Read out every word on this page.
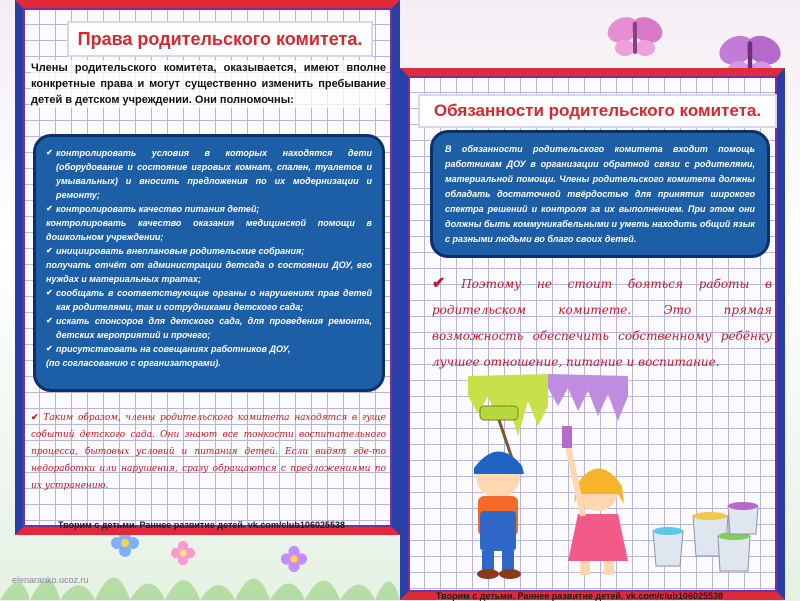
elenaranko.ucoz.ru
Права родительского комитета.
Члены родительского комитета, оказывается, имеют вполне конкретные права и могут существенно изменить пребывание детей в детском учреждении. Они полномочны:
✔ контролировать условия в которых находятся дети (оборудование и состояние игровых комнат, спален, туалетов и умывальных) и вносить предложения по их модернизации и ремонту;
✔ контролировать качество питания детей;
контролировать качество оказания медицинской помощи в дошкольном учреждении;
✔ инициировать внеплановые родительские собрания;
получать отчёт от администрации детсада о состоянии ДОУ, его нуждах и материальных тратах;
✔ сообщать в соответствующие органы о нарушениях прав детей как родителями, так и сотрудниками детского сада;
✔ искать спонсоров для детского сада, для проведения ремонта, детских мероприятий и прочего;
✔ присутствовать на совещаниях работников ДОУ,
(по согласованию с организаторами).
✔ Таким образом, члены родительского комитета находятся в гуще событий детского сада. Они знают все тонкости воспитательного процесса, бытовых условий и питания детей. Если видят где-то недоработки или нарушения, сразу обращаются с предложениями по их устранению.
Творим с детьми. Раннее развитие детей. vk.com/club106025538
Обязанности родительского комитета.
В обязанности родительского комитета входит помощь работникам ДОУ в организации обратной связи с родителями, материальной помощи. Члены родительского комитета должны обладать достаточной твёрдостью для принятия широкого спектра решений и контроля за их выполнением. При этом они должны быть коммуникабельными и уметь находить общий язык с разными людьми во благо своих детей.
✔ Поэтому не стоит бояться работы в родительском комитете. Это прямая возможность обеспечить собственному ребёнку лучшее отношение, питание и воспитание.
Творим с детьми. Раннее развитие детей. vk.com/club106025538
